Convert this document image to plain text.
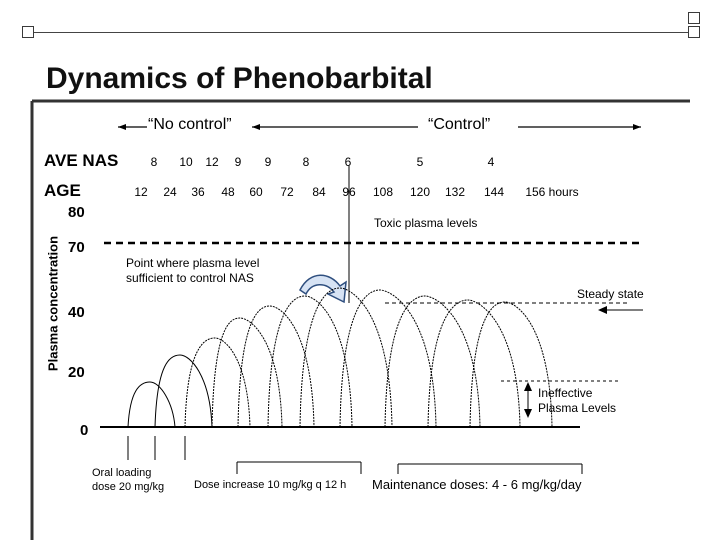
Dynamics of Phenobarbital
“No control”	“Control”
AVE NAS	8 10 12 9 9	8	6	5	4
AGE	12 24 36 48 60 72 84 96 108 120 132 144 156 hours
Plasma concentration
80
70
40
20
0
Toxic plasma levels
Point where plasma level
sufficient to control NAS
Steady state
Ineffective
Plasma Levels
Oral loading
dose 20 mg/kg	Dose increase 10 mg/kg q 12 h Maintenance doses: 4 - 6 mg/kg/day
